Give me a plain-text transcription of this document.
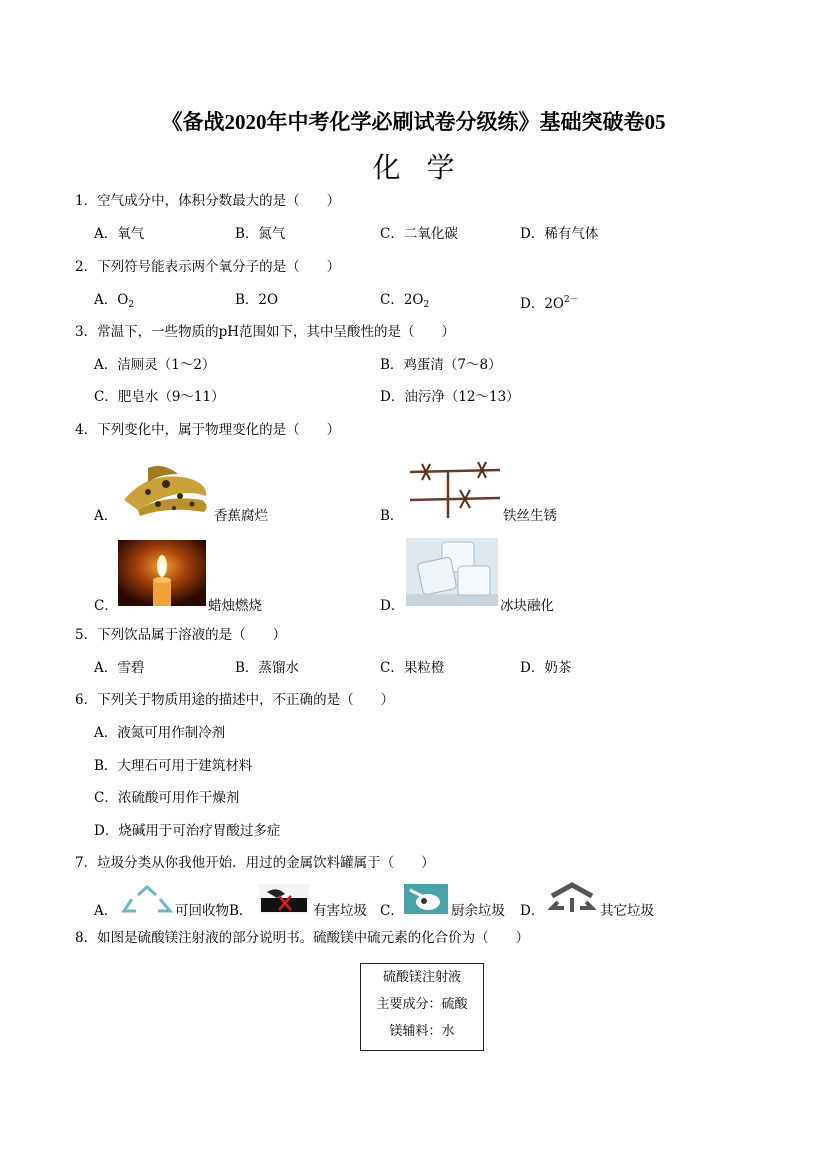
《备战2020年中考化学必刷试卷分级练》基础突破卷05
化学
1．空气成分中，体积分数最大的是（　　）
A．氧气	B．氮气	C．二氧化碳	D．稀有气体
2．下列符号能表示两个氧分子的是（　　）
A．$O_2$	B．2O	C．$2O_2$	D．$2O^{2-}$
3．常温下，一些物质的pH范围如下，其中呈酸性的是（　　）
A．洁厕灵（1～2）	B．鸡蛋清（7～8）
C．肥皂水（9～11）	D．油污净（12～13）
4．下列变化中，属于物理变化的是（　　）
A．	香蕉腐烂	B．	铁丝生锈
C．	蜡烛燃烧	D．	冰块融化
5．下列饮品属于溶液的是（　　）
A．雪碧	B．蒸馏水	C．果粒橙	D．奶茶
6．下列关于物质用途的描述中，不正确的是（　　）
A．液氮可用作制冷剂
B．大理石可用于建筑材料
C．浓硫酸可用作干燥剂
D．烧碱用于可治疗胃酸过多症
7．垃圾分类从你我他开始．用过的金属饮料罐属于（　　）
A．	可回收物B．	有害垃圾 C．	厨余垃圾 D．	其它垃圾
8．如图是硫酸镁注射液的部分说明书。硫酸镁中硫元素的化合价为（　　）
硫酸镁注射液
主要成分：硫酸
镁辅料：水
